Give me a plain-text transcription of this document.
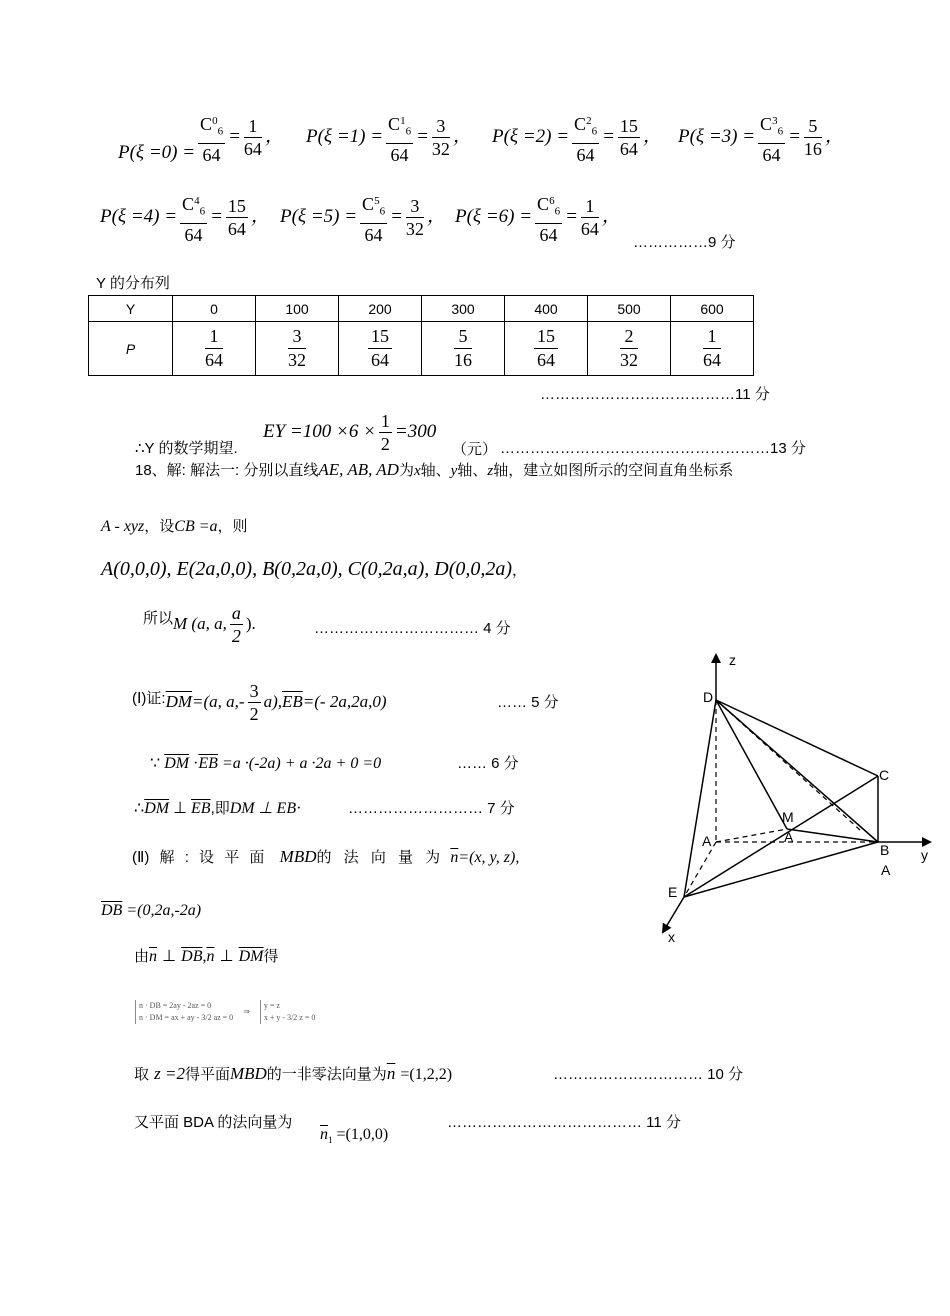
$P(\xi =0) = \frac{C^0_6}{64} = \frac{1}{64}$ ， $P(\xi =1) = \frac{C^1_6}{64} = \frac{3}{32}$ ， $P(\xi =2) = \frac{C^2_6}{64} = \frac{15}{64}$ ， $P(\xi =3) = \frac{C^3_6}{64} = \frac{5}{16}$ ，
$P(\xi =4) = \frac{C^4_6}{64} = \frac{15}{64}$ ， $P(\xi =5) = \frac{C^5_6}{64} = \frac{3}{32}$ ， $P(\xi =6) = \frac{C^6_6}{64} = \frac{1}{64}$ ，
……………9 分
Y 的分布列
Y	0	100	200	300	400	500	600
P	$\frac{1}{64}$	$\frac{3}{32}$	$\frac{15}{64}$	$\frac{5}{16}$	$\frac{15}{64}$	$\frac{2}{32}$	$\frac{1}{64}$
…………………………………11 分
∴Y 的数学期望.
EY $=100 \times 6 \times \frac{1}{2} =300$
（元） ………………………………………………13 分
18、解: 解法一: 分别以直线AE, AB, AD为x轴、y轴、z轴，建立如图所示的空间直角坐标系
A - xyz，设CB =a，则
A(0,0,0), E(2a,0,0), B(0,2a,0), C(0,2a,a), D(0,0,2a)，
所以M (a, a, $\frac{a}{2}$ ).	…………………………… 4 分
(Ⅰ)证$:\overline{DM}=(a$, $a,- \frac{3}{2} a),\overline{EB}=(-$ 2a,2a,0)	…… 5 分
∵ $\overline{DM} \cdot\overline{EB} =a \cdot(-2a) + a \cdot 2a + 0 =0$	…… 6 分
$\therefore\overline{DM}$ ⊥ $\overline{EB}$,即DM ⊥ EB·	……………………… 7 分
(Ⅱ) 解 : 设 平 面 MBD的 法 向 量 为 $\overline{n}=(x$, y, z),
$\overline{DB} =(0,2a,-2a)$
由$\overline{n}$ ⊥ $\overline{DB},\overline{n}$ ⊥ $\overline{DM}$得
n · DB = 2ay - 2az = 0
n · DM = ax + ay - 3/2 az = 0
⇒
y = z
x + y - 3/2 z = 0
取 z =2得平面MBD的一非零法向量为$\overline{n} =(1,2,2)$	………………………… 10 分
又平面 BDA 的法向量为
$\overline{n}_1 =(1,0,0)$
………………………………… 11 分
z
D
C
M
A
A
B
A
y
E
x
